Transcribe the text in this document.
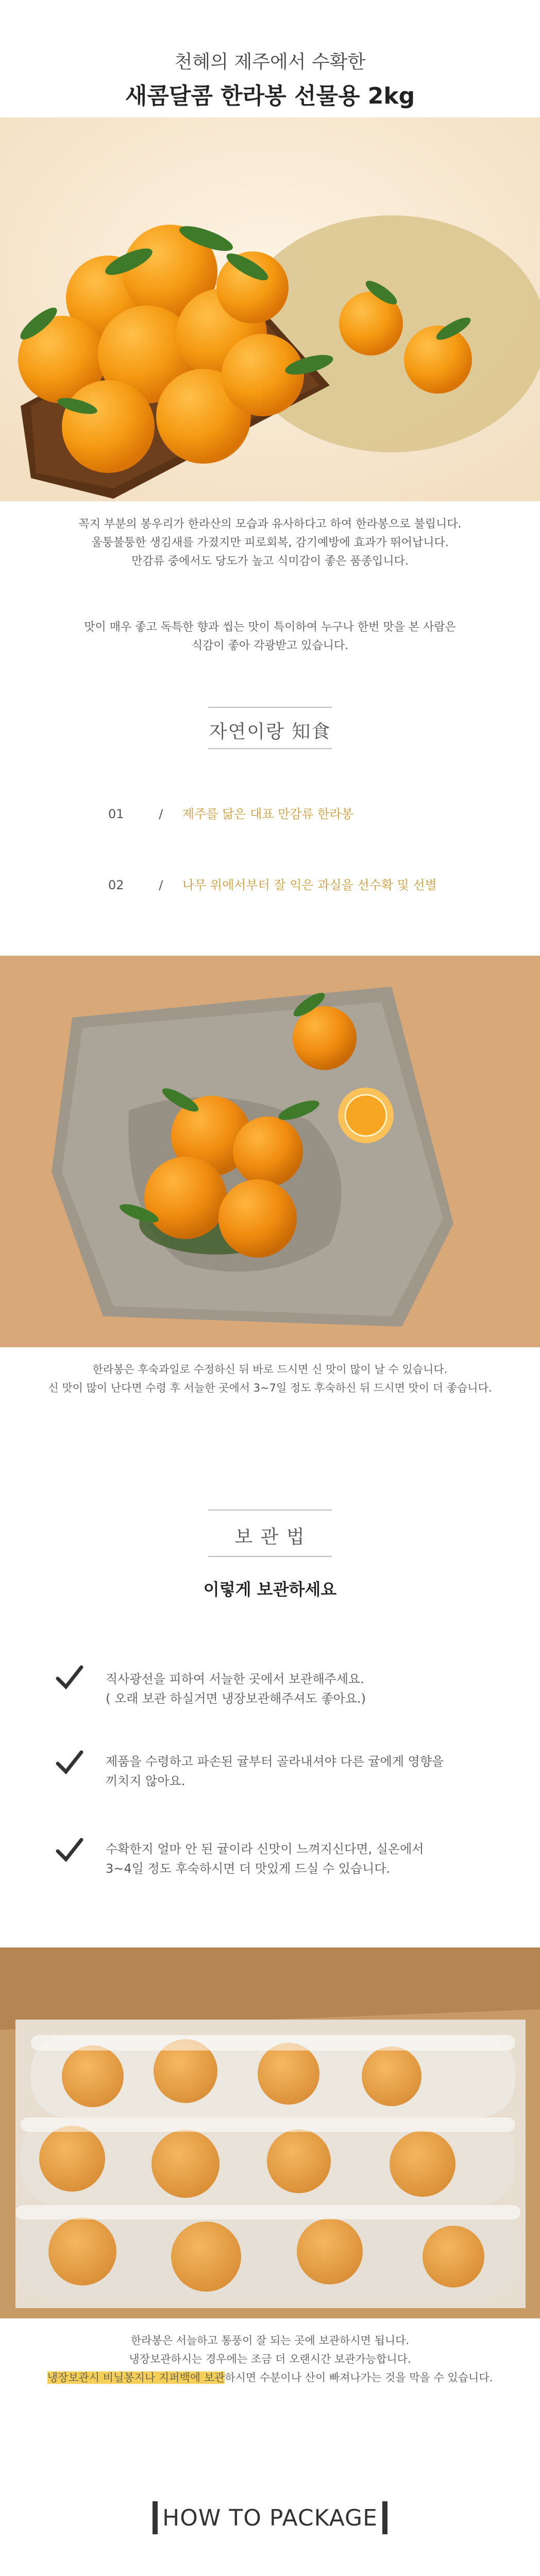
천혜의 제주에서 수확한
새콤달콤 한라봉 선물용 2kg
꼭지 부분의 봉우리가 한라산의 모습과 유사하다고 하여 한라봉으로 불립니다.
울퉁불퉁한 생김새를 가졌지만 피로회복, 감기예방에 효과가 뛰어납니다.
만감류 중에서도 당도가 높고 식미감이 좋은 품종입니다.
맛이 매우 좋고 독특한 향과 씹는 맛이 특이하여 누구나 한번 맛을 본 사람은
식감이 좋아 각광받고 있습니다.
자연이랑 知食
01	/ 제주를 닮은 대표 만감류 한라봉
02	/ 나무 위에서부터 잘 익은 과실을 선수확 및 선별
한라봉은 후숙과일로 수정하신 뒤 바로 드시면 신 맛이 많이 날 수 있습니다.
신 맛이 많이 난다면 수령 후 서늘한 곳에서 3~7일 정도 후숙하신 뒤 드시면 맛이 더 좋습니다.
보 관 법
이렇게 보관하세요
직사광선을 피하여 서늘한 곳에서 보관해주세요.
( 오래 보관 하실거면 냉장보관해주셔도 좋아요.)
제품을 수령하고 파손된 귤부터 골라내셔야 다른 귤에게 영향을
끼치지 않아요.
수확한지 얼마 안 된 귤이라 신맛이 느껴지신다면, 실온에서
3~4일 정도 후숙하시면 더 맛있게 드실 수 있습니다.
한라봉은 서늘하고 통풍이 잘 되는 곳에 보관하시면 됩니다.
냉장보관하시는 경우에는 조금 더 오랜시간 보관가능합니다.
냉장보관시 비닐봉지나 지퍼백에 보관하시면 수분이나 산이 빠져나가는 것을 막을 수 있습니다.
HOW TO PACKAGE
